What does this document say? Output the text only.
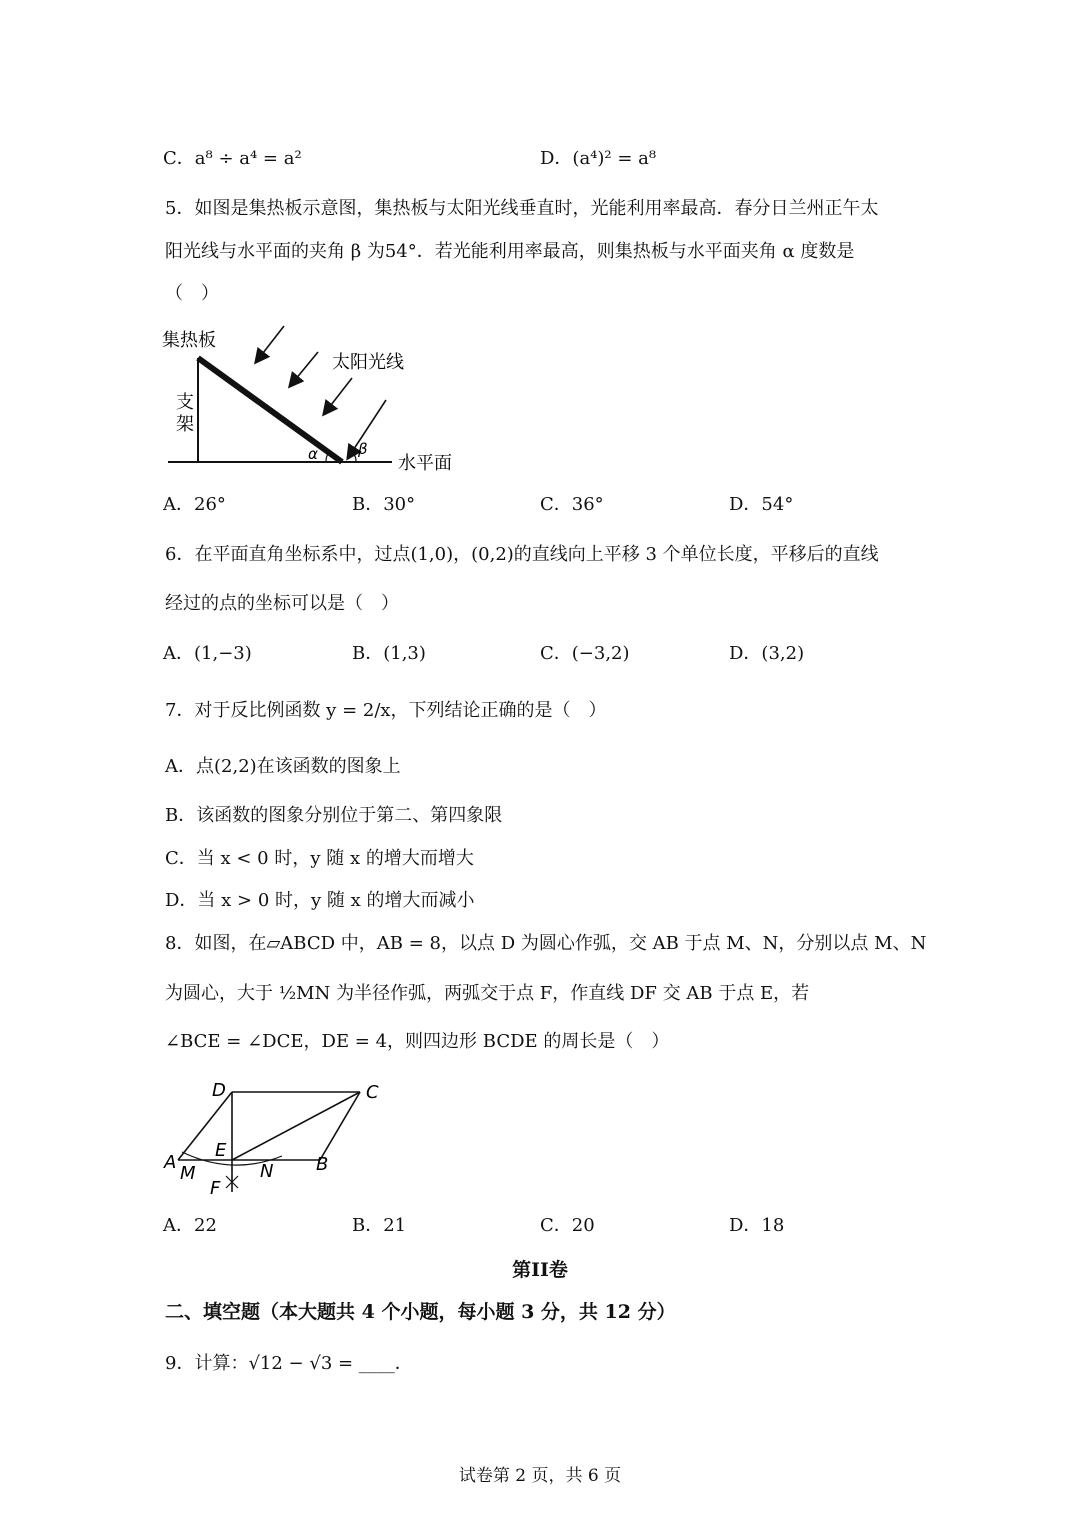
C．a⁸ ÷ a⁴ = a²	D．(a⁴)² = a⁸
5．如图是集热板示意图，集热板与太阳光线垂直时，光能利用率最高．春分日兰州正午太
阳光线与水平面的夹角 β 为54°．若光能利用率最高，则集热板与水平面夹角 α 度数是
（　）
集热板
太阳光线
支
架
α	β
水平面
A．26°	B．30°	C．36°	D．54°
6．在平面直角坐标系中，过点(1,0)，(0,2)的直线向上平移 3 个单位长度，平移后的直线
经过的点的坐标可以是（　）
A．(1,−3)	B．(1,3)	C．(−3,2)	D．(3,2)
7．对于反比例函数 y = 2/x，下列结论正确的是（　）
A．点(2,2)在该函数的图象上
B．该函数的图象分别位于第二、第四象限
C．当 x < 0 时，y 随 x 的增大而增大
D．当 x > 0 时，y 随 x 的增大而减小
8．如图，在▱ABCD 中，AB = 8，以点 D 为圆心作弧，交 AB 于点 M、N，分别以点 M、N
为圆心，大于 ½MN 为半径作弧，两弧交于点 F，作直线 DF 交 AB 于点 E，若
∠BCE = ∠DCE，DE = 4，则四边形 BCDE 的周长是（　）
D	C
A	B
E
M	N
F
A．22	B．21	C．20	D．18
第II卷
二、填空题（本大题共 4 个小题，每小题 3 分，共 12 分）
9．计算：√12 − √3 = ____．
试卷第 2 页，共 6 页
